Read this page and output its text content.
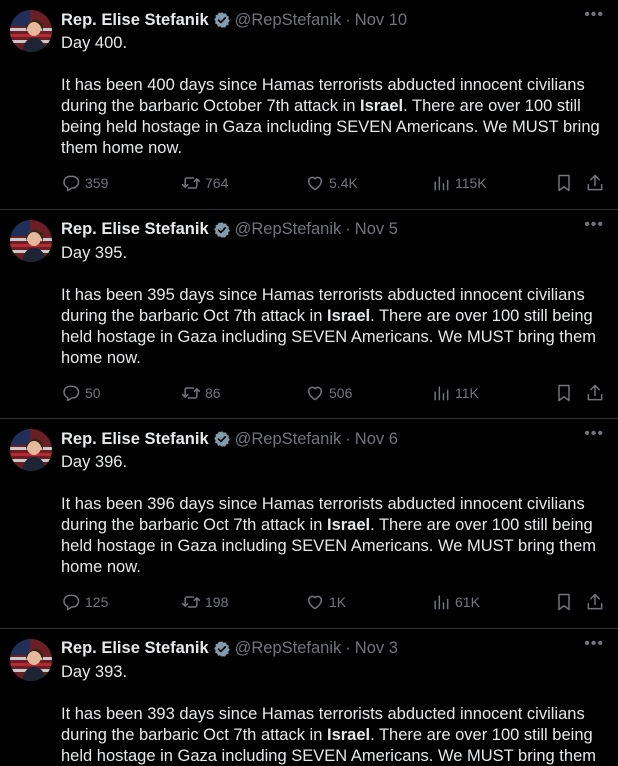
•••
Rep. Elise Stefanik @RepStefanik · Nov 10

Day 400.

It has been 400 days since Hamas terrorists abducted innocent civilians during the barbaric October 7th attack in Israel. There are over 100 still being held hostage in Gaza including SEVEN Americans. We MUST bring them home now.

359	764	5.4K	115K
•••
Rep. Elise Stefanik @RepStefanik · Nov 5

Day 395.

It has been 395 days since Hamas terrorists abducted innocent civilians during the barbaric Oct 7th attack in Israel. There are over 100 still being held hostage in Gaza including SEVEN Americans. We MUST bring them home now.

50	86	506	11K
•••
Rep. Elise Stefanik @RepStefanik · Nov 6

Day 396.

It has been 396 days since Hamas terrorists abducted innocent civilians during the barbaric Oct 7th attack in Israel. There are over 100 still being held hostage in Gaza including SEVEN Americans. We MUST bring them home now.

125	198	1K	61K
•••
Rep. Elise Stefanik @RepStefanik · Nov 3

Day 393.

It has been 393 days since Hamas terrorists abducted innocent civilians during the barbaric Oct 7th attack in Israel. There are over 100 still being held hostage in Gaza including SEVEN Americans. We MUST bring them
